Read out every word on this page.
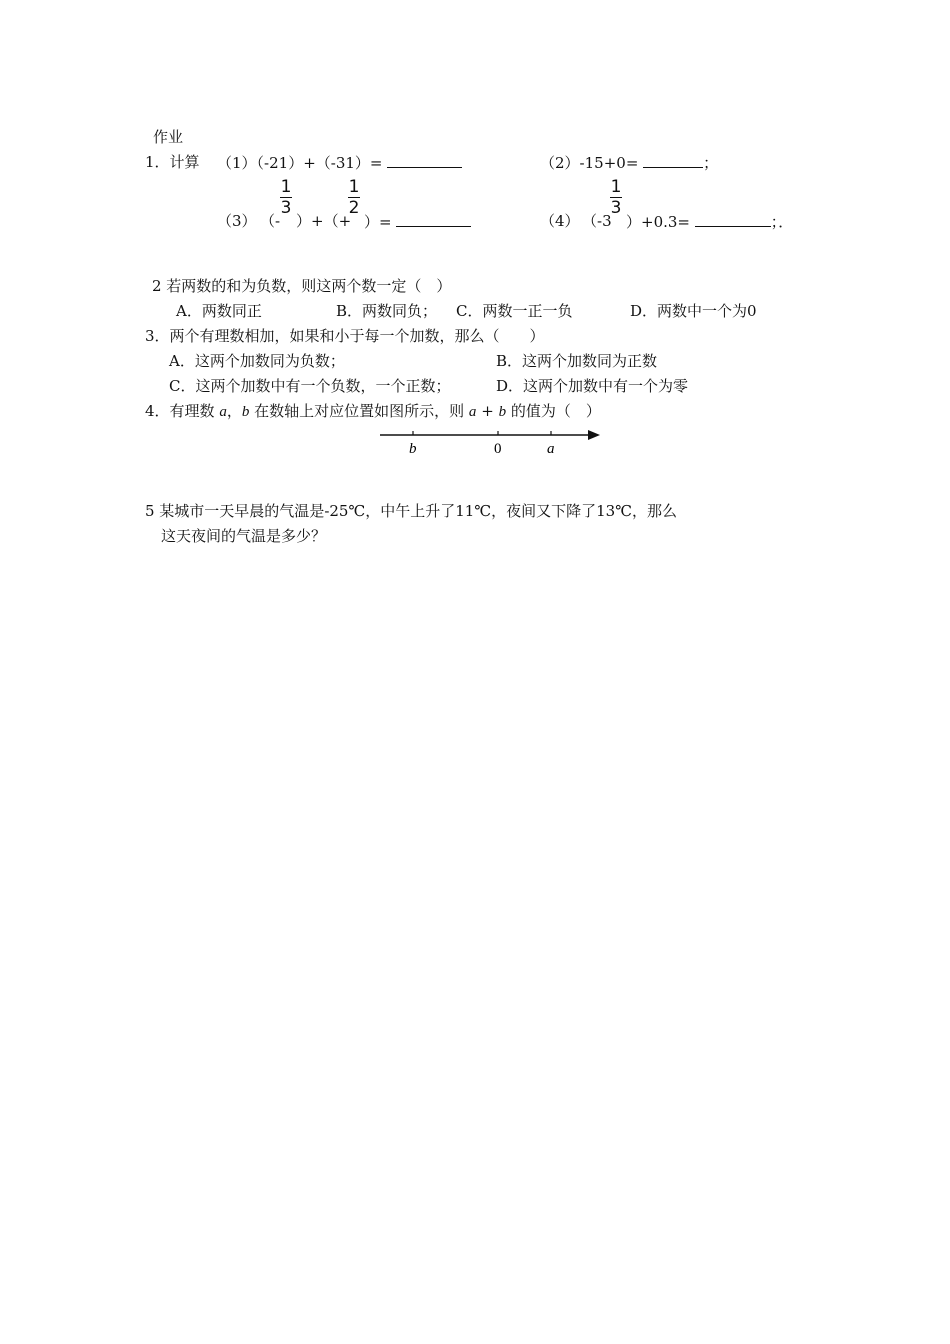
作业
1．计算 （1）（-21）+（-31）=	（2）-15+0=	；
（3） （-
1
3
）+（+
1
2
）=	（4） （-3
1
3
）+0.3=	；．
2 若两数的和为负数，则这两个数一定（　）
A．两数同正	B．两数同负； C．两数一正一负	D．两数中一个为0
3．两个有理数相加，如果和小于每一个加数，那么（　　）
A．这两个加数同为负数；	B．这两个加数同为正数
C．这两个加数中有一个负数，一个正数；	D．这两个加数中有一个为零
4．有理数 a，b 在数轴上对应位置如图所示，则 a + b 的值为（　）
b	0	a
5 某城市一天早晨的气温是-25℃，中午上升了11℃，夜间又下降了13℃，那么
这天夜间的气温是多少？
